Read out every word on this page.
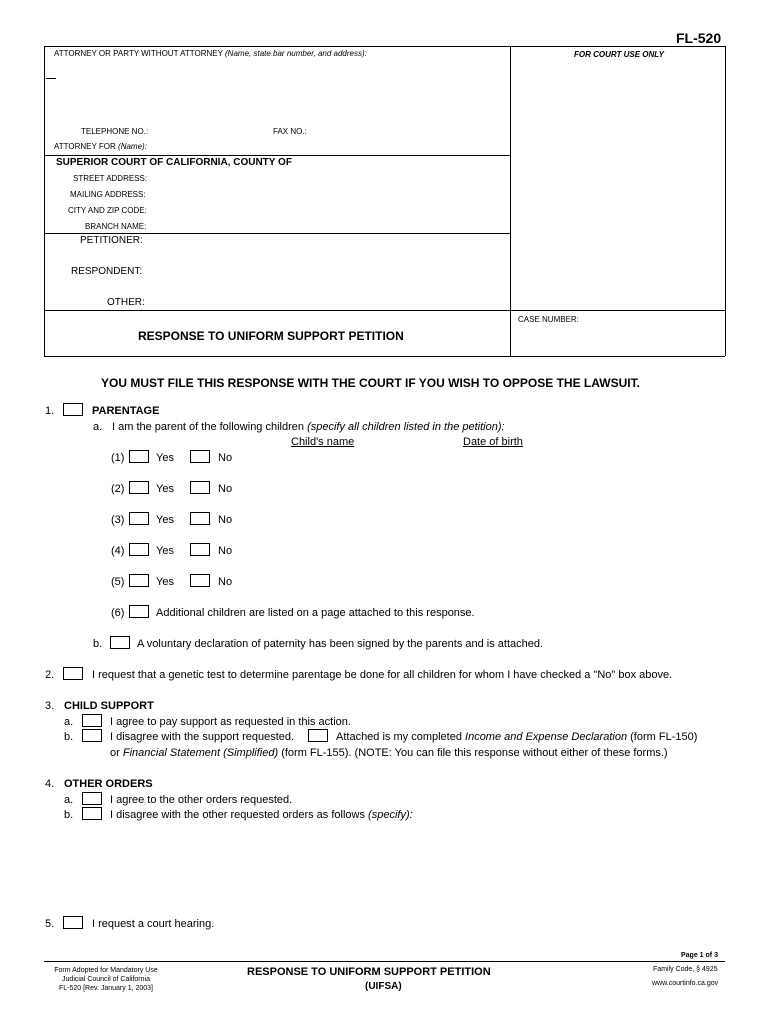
FL-520
ATTORNEY OR PARTY WITHOUT ATTORNEY (Name, state bar number, and address):	FOR COURT USE ONLY
TELEPHONE NO.:	FAX NO.:
ATTORNEY FOR (Name):
SUPERIOR COURT OF CALIFORNIA, COUNTY OF
STREET ADDRESS:
MAILING ADDRESS:
CITY AND ZIP CODE:
BRANCH NAME:
PETITIONER:
RESPONDENT:
OTHER:
CASE NUMBER:
RESPONSE TO UNIFORM SUPPORT PETITION
YOU MUST FILE THIS RESPONSE WITH THE COURT IF YOU WISH TO OPPOSE THE LAWSUIT.
1.	PARENTAGE
a. I am the parent of the following children (specify all children listed in the petition):
Child's name	Date of birth
(1)	Yes	No
(2)	Yes	No
(3)	Yes	No
(4)	Yes	No
(5)	Yes	No
(6)	Additional children are listed on a page attached to this response.
b.	A voluntary declaration of paternity has been signed by the parents and is attached.
2.	I request that a genetic test to determine parentage be done for all children for whom I have checked a "No" box above.
3. CHILD SUPPORT
a.	I agree to pay support as requested in this action.
b.	I disagree with the support requested.	Attached is my completed Income and Expense Declaration (form FL-150)
or Financial Statement (Simplified) (form FL-155). (NOTE: You can file this response without either of these forms.)
4. OTHER ORDERS
a.	I agree to the other orders requested.
b.	I disagree with the other requested orders as follows (specify):
5.	I request a court hearing.
Page 1 of 3
Form Adopted for Mandatory Use
Judicial Council of California
FL-520 [Rev. January 1, 2003]
RESPONSE TO UNIFORM SUPPORT PETITION
(UIFSA)
Family Code, § 4925
www.courtinfo.ca.gov
